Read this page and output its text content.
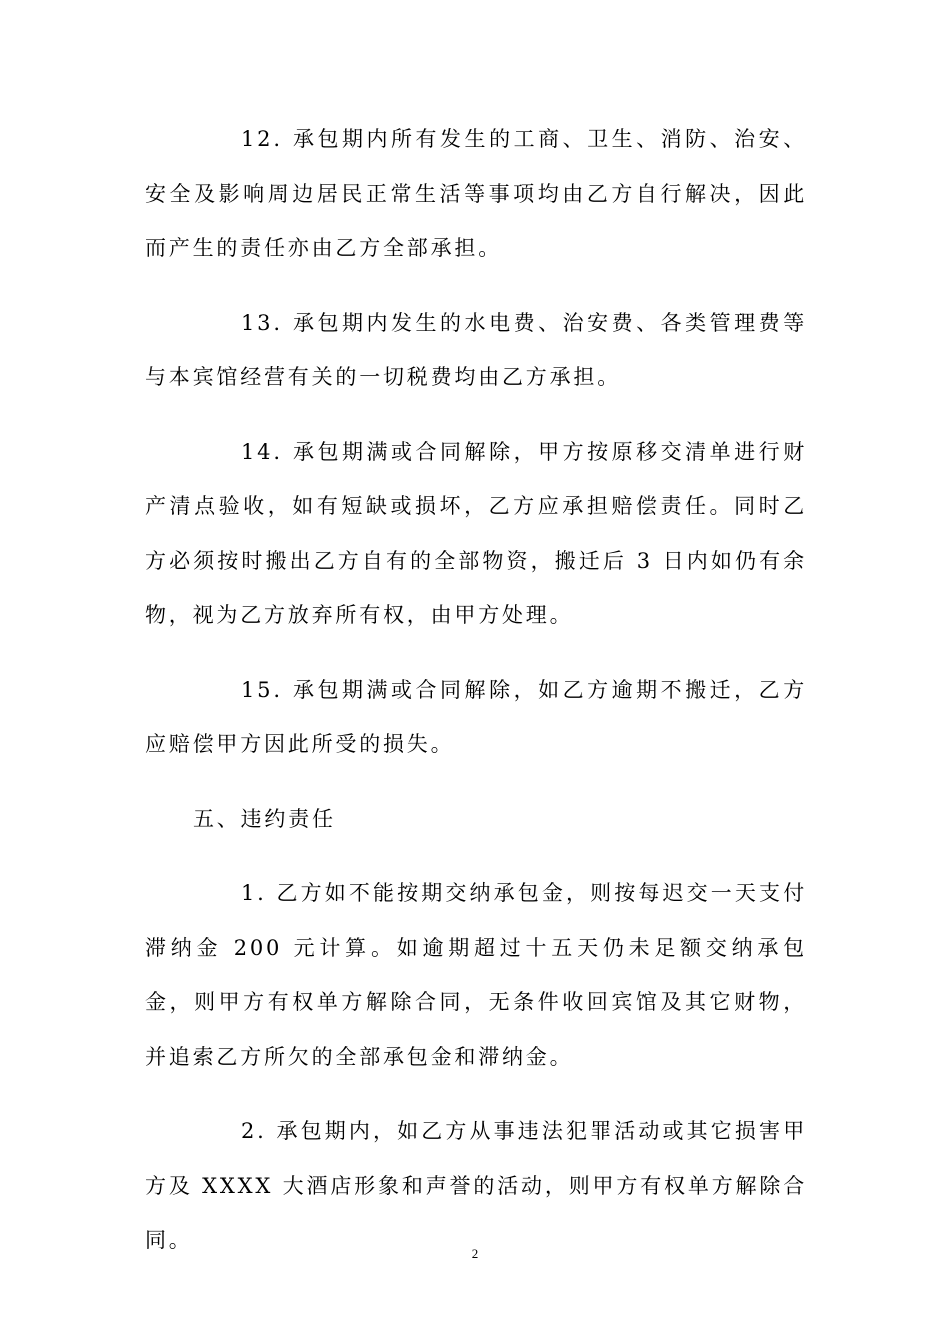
12. 承包期内所有发生的工商、卫生、消防、治安、安全及影响周边居民正常生活等事项均由乙方自行解决，因此而产生的责任亦由乙方全部承担。

13. 承包期内发生的水电费、治安费、各类管理费等与本宾馆经营有关的一切税费均由乙方承担。

14. 承包期满或合同解除，甲方按原移交清单进行财产清点验收，如有短缺或损坏，乙方应承担赔偿责任。同时乙方必须按时搬出乙方自有的全部物资，搬迁后 3 日内如仍有余物，视为乙方放弃所有权，由甲方处理。

15. 承包期满或合同解除，如乙方逾期不搬迁，乙方应赔偿甲方因此所受的损失。

五、违约责任

1. 乙方如不能按期交纳承包金，则按每迟交一天支付滞纳金 200 元计算。如逾期超过十五天仍未足额交纳承包金，则甲方有权单方解除合同，无条件收回宾馆及其它财物，并追索乙方所欠的全部承包金和滞纳金。

2. 承包期内，如乙方从事违法犯罪活动或其它损害甲方及 XXXX 大酒店形象和声誉的活动，则甲方有权单方解除合同。

2
